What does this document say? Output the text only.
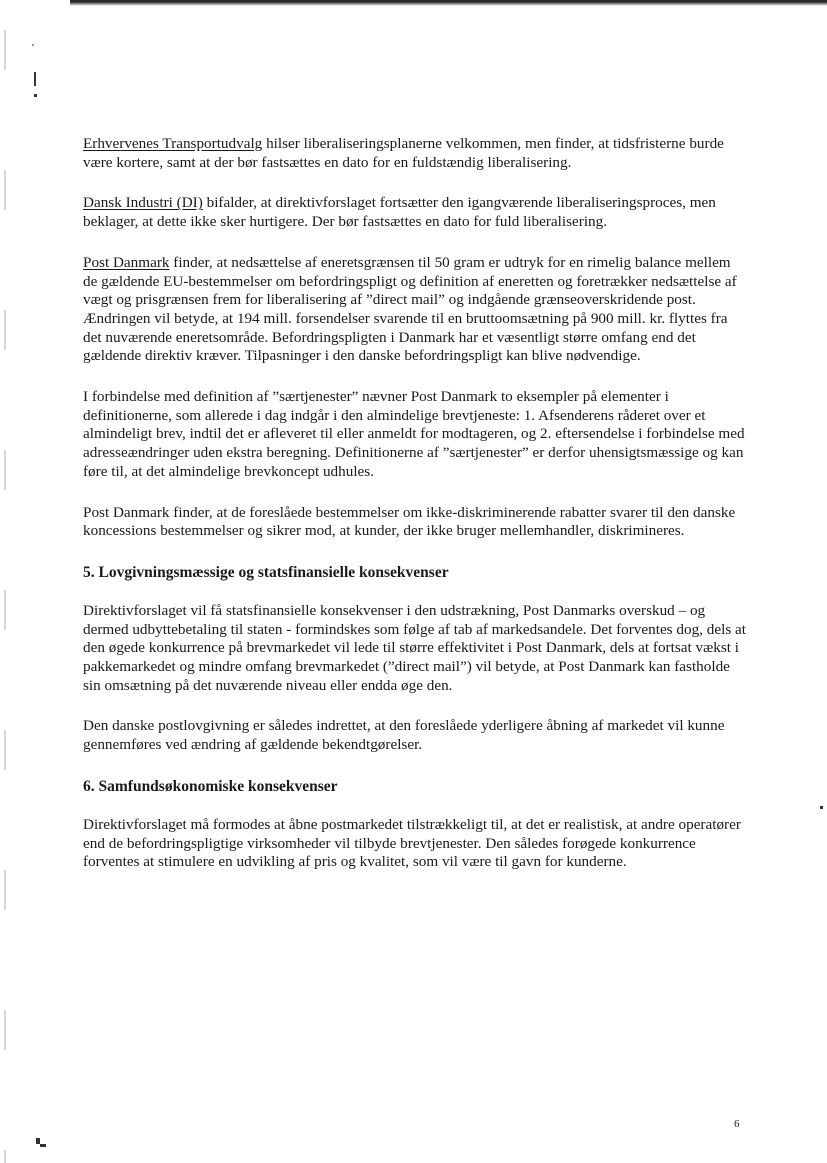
Erhvervenes Transportudvalg hilser liberaliseringsplanerne velkommen, men finder, at tidsfristerne burde være kortere, samt at der bør fastsættes en dato for en fuldstændig liberalisering.

Dansk Industri (DI) bifalder, at direktivforslaget fortsætter den igangværende liberaliseringsproces, men beklager, at dette ikke sker hurtigere. Der bør fastsættes en dato for fuld liberalisering.

Post Danmark finder, at nedsættelse af eneretsgrænsen til 50 gram er udtryk for en rimelig balance mellem de gældende EU-bestemmelser om befordringspligt og definition af eneretten og foretrækker nedsættelse af vægt og prisgrænsen frem for liberalisering af ”direct mail” og indgående grænseoverskridende post. Ændringen vil betyde, at 194 mill. forsendelser svarende til en bruttoomsætning på 900 mill. kr. flyttes fra det nuværende eneretsområde. Befordringspligten i Danmark har et væsentligt større omfang end det gældende direktiv kræver. Tilpasninger i den danske befordringspligt kan blive nødvendige.

I forbindelse med definition af ”særtjenester” nævner Post Danmark to eksempler på elementer i definitionerne, som allerede i dag indgår i den almindelige brevtjeneste: 1. Afsenderens råderet over et almindeligt brev, indtil det er afleveret til eller anmeldt for modtageren, og 2. eftersendelse i forbindelse med adresseændringer uden ekstra beregning. Definitionerne af ”særtjenester” er derfor uhensigtsmæssige og kan føre til, at det almindelige brevkoncept udhules.

Post Danmark finder, at de foreslåede bestemmelser om ikke-diskriminerende rabatter svarer til den danske koncessions bestemmelser og sikrer mod, at kunder, der ikke bruger mellemhandler, diskrimineres.

5. Lovgivningsmæssige og statsfinansielle konsekvenser

Direktivforslaget vil få statsfinansielle konsekvenser i den udstrækning, Post Danmarks overskud – og dermed udbyttebetaling til staten - formindskes som følge af tab af markedsandele. Det forventes dog, dels at den øgede konkurrence på brevmarkedet vil lede til større effektivitet i Post Danmark, dels at fortsat vækst i pakkemarkedet og mindre omfang brevmarkedet (”direct mail”) vil betyde, at Post Danmark kan fastholde sin omsætning på det nuværende niveau eller endda øge den.

Den danske postlovgivning er således indrettet, at den foreslåede yderligere åbning af markedet vil kunne gennemføres ved ændring af gældende bekendtgørelser.

6. Samfundsøkonomiske konsekvenser

Direktivforslaget må formodes at åbne postmarkedet tilstrækkeligt til, at det er realistisk, at andre operatører end de befordringspligtige virksomheder vil tilbyde brevtjenester. Den således forøgede konkurrence forventes at stimulere en udvikling af pris og kvalitet, som vil være til gavn for kunderne.

6
